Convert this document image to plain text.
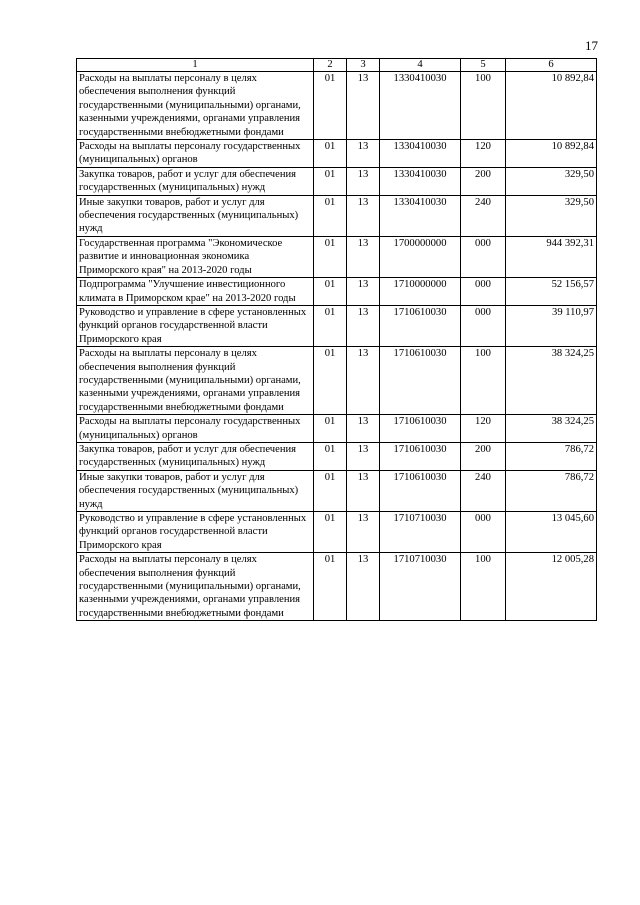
17
1	2	3	4	5	6
Расходы на выплаты персоналу в целях обеспечения выполнения функций государственными (муниципальными) органами, казенными учреждениями, органами управления государственными внебюджетными фондами	01	13	1330410030	100	10 892,84
Расходы на выплаты персоналу государственных (муниципальных) органов	01	13	1330410030	120	10 892,84
Закупка товаров, работ и услуг для обеспечения государственных (муниципальных) нужд	01	13	1330410030	200	329,50
Иные закупки товаров, работ и услуг для обеспечения государственных (муниципальных) нужд	01	13	1330410030	240	329,50
Государственная программа "Экономическое развитие и инновационная экономика Приморского края" на 2013-2020 годы	01	13	1700000000	000	944 392,31
Подпрограмма "Улучшение инвестиционного климата в Приморском крае" на 2013-2020 годы	01	13	1710000000	000	52 156,57
Руководство и управление в сфере установленных функций органов государственной власти Приморского края	01	13	1710610030	000	39 110,97
Расходы на выплаты персоналу в целях обеспечения выполнения функций государственными (муниципальными) органами, казенными учреждениями, органами управления государственными внебюджетными фондами	01	13	1710610030	100	38 324,25
Расходы на выплаты персоналу государственных (муниципальных) органов	01	13	1710610030	120	38 324,25
Закупка товаров, работ и услуг для обеспечения государственных (муниципальных) нужд	01	13	1710610030	200	786,72
Иные закупки товаров, работ и услуг для обеспечения государственных (муниципальных) нужд	01	13	1710610030	240	786,72
Руководство и управление в сфере установленных функций органов государственной власти Приморского края	01	13	1710710030	000	13 045,60
Расходы на выплаты персоналу в целях обеспечения выполнения функций государственными (муниципальными) органами, казенными учреждениями, органами управления государственными внебюджетными фондами	01	13	1710710030	100	12 005,28
